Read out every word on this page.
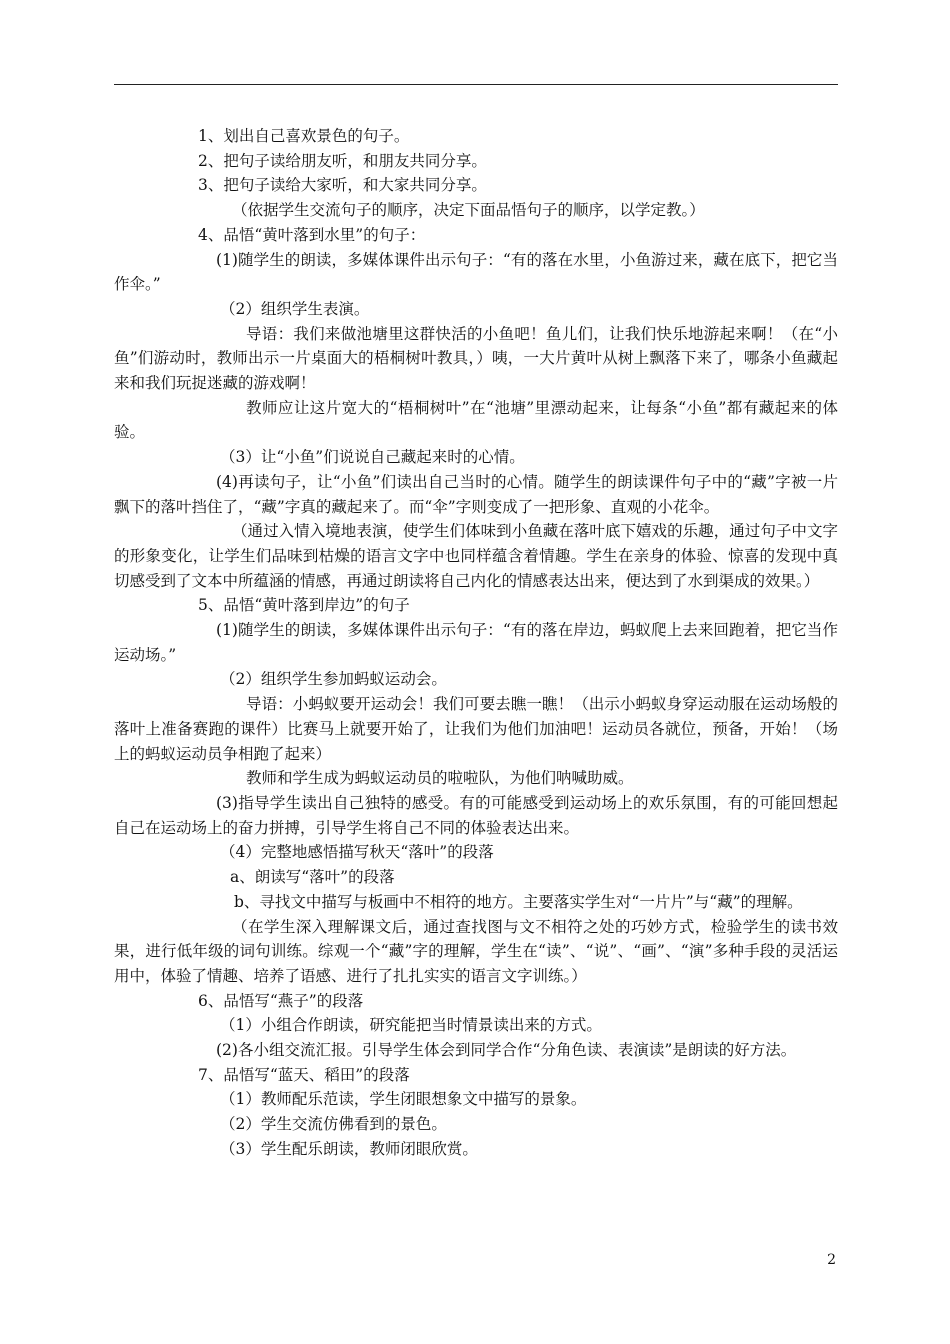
1、划出自己喜欢景色的句子。

2、把句子读给朋友听，和朋友共同分享。

3、把句子读给大家听，和大家共同分享。

（依据学生交流句子的顺序，决定下面品悟句子的顺序，以学定教。）

4、品悟“黄叶落到水里”的句子：

(1)随学生的朗读，多媒体课件出示句子：“有的落在水里，小鱼游过来，藏在底下，把它当作伞。”

（2）组织学生表演。

导语：我们来做池塘里这群快活的小鱼吧！鱼儿们，让我们快乐地游起来啊！（在“小鱼”们游动时，教师出示一片桌面大的梧桐树叶教具，）咦，一大片黄叶从树上飘落下来了，哪条小鱼藏起来和我们玩捉迷藏的游戏啊！

教师应让这片宽大的“梧桐树叶”在“池塘”里漂动起来，让每条“小鱼”都有藏起来的体验。

（3）让“小鱼”们说说自己藏起来时的心情。

(4)再读句子，让“小鱼”们读出自己当时的心情。随学生的朗读课件句子中的“藏”字被一片飘下的落叶挡住了，“藏”字真的藏起来了。而“伞”字则变成了一把形象、直观的小花伞。

（通过入情入境地表演，使学生们体味到小鱼藏在落叶底下嬉戏的乐趣，通过句子中文字的形象变化，让学生们品味到枯燥的语言文字中也同样蕴含着情趣。学生在亲身的体验、惊喜的发现中真切感受到了文本中所蕴涵的情感，再通过朗读将自己内化的情感表达出来，便达到了水到渠成的效果。）

5、品悟“黄叶落到岸边”的句子

(1)随学生的朗读，多媒体课件出示句子：“有的落在岸边，蚂蚁爬上去来回跑着，把它当作运动场。”

（2）组织学生参加蚂蚁运动会。

导语：小蚂蚁要开运动会！我们可要去瞧一瞧！（出示小蚂蚁身穿运动服在运动场般的落叶上准备赛跑的课件）比赛马上就要开始了，让我们为他们加油吧！运动员各就位，预备，开始！（场上的蚂蚁运动员争相跑了起来）

教师和学生成为蚂蚁运动员的啦啦队，为他们呐喊助威。

(3)指导学生读出自己独特的感受。有的可能感受到运动场上的欢乐氛围，有的可能回想起自己在运动场上的奋力拼搏，引导学生将自己不同的体验表达出来。

（4）完整地感悟描写秋天“落叶”的段落

a、朗读写“落叶”的段落

b、寻找文中描写与板画中不相符的地方。主要落实学生对“一片片”与“藏”的理解。

（在学生深入理解课文后，通过查找图与文不相符之处的巧妙方式，检验学生的读书效果，进行低年级的词句训练。综观一个“藏”字的理解，学生在“读”、“说”、“画”、“演”多种手段的灵活运用中，体验了情趣、培养了语感、进行了扎扎实实的语言文字训练。）

6、品悟写“燕子”的段落

（1）小组合作朗读，研究能把当时情景读出来的方式。

(2)各小组交流汇报。引导学生体会到同学合作“分角色读、表演读”是朗读的好方法。

7、品悟写“蓝天、稻田”的段落

（1）教师配乐范读，学生闭眼想象文中描写的景象。

（2）学生交流仿佛看到的景色。

（3）学生配乐朗读，教师闭眼欣赏。

2
